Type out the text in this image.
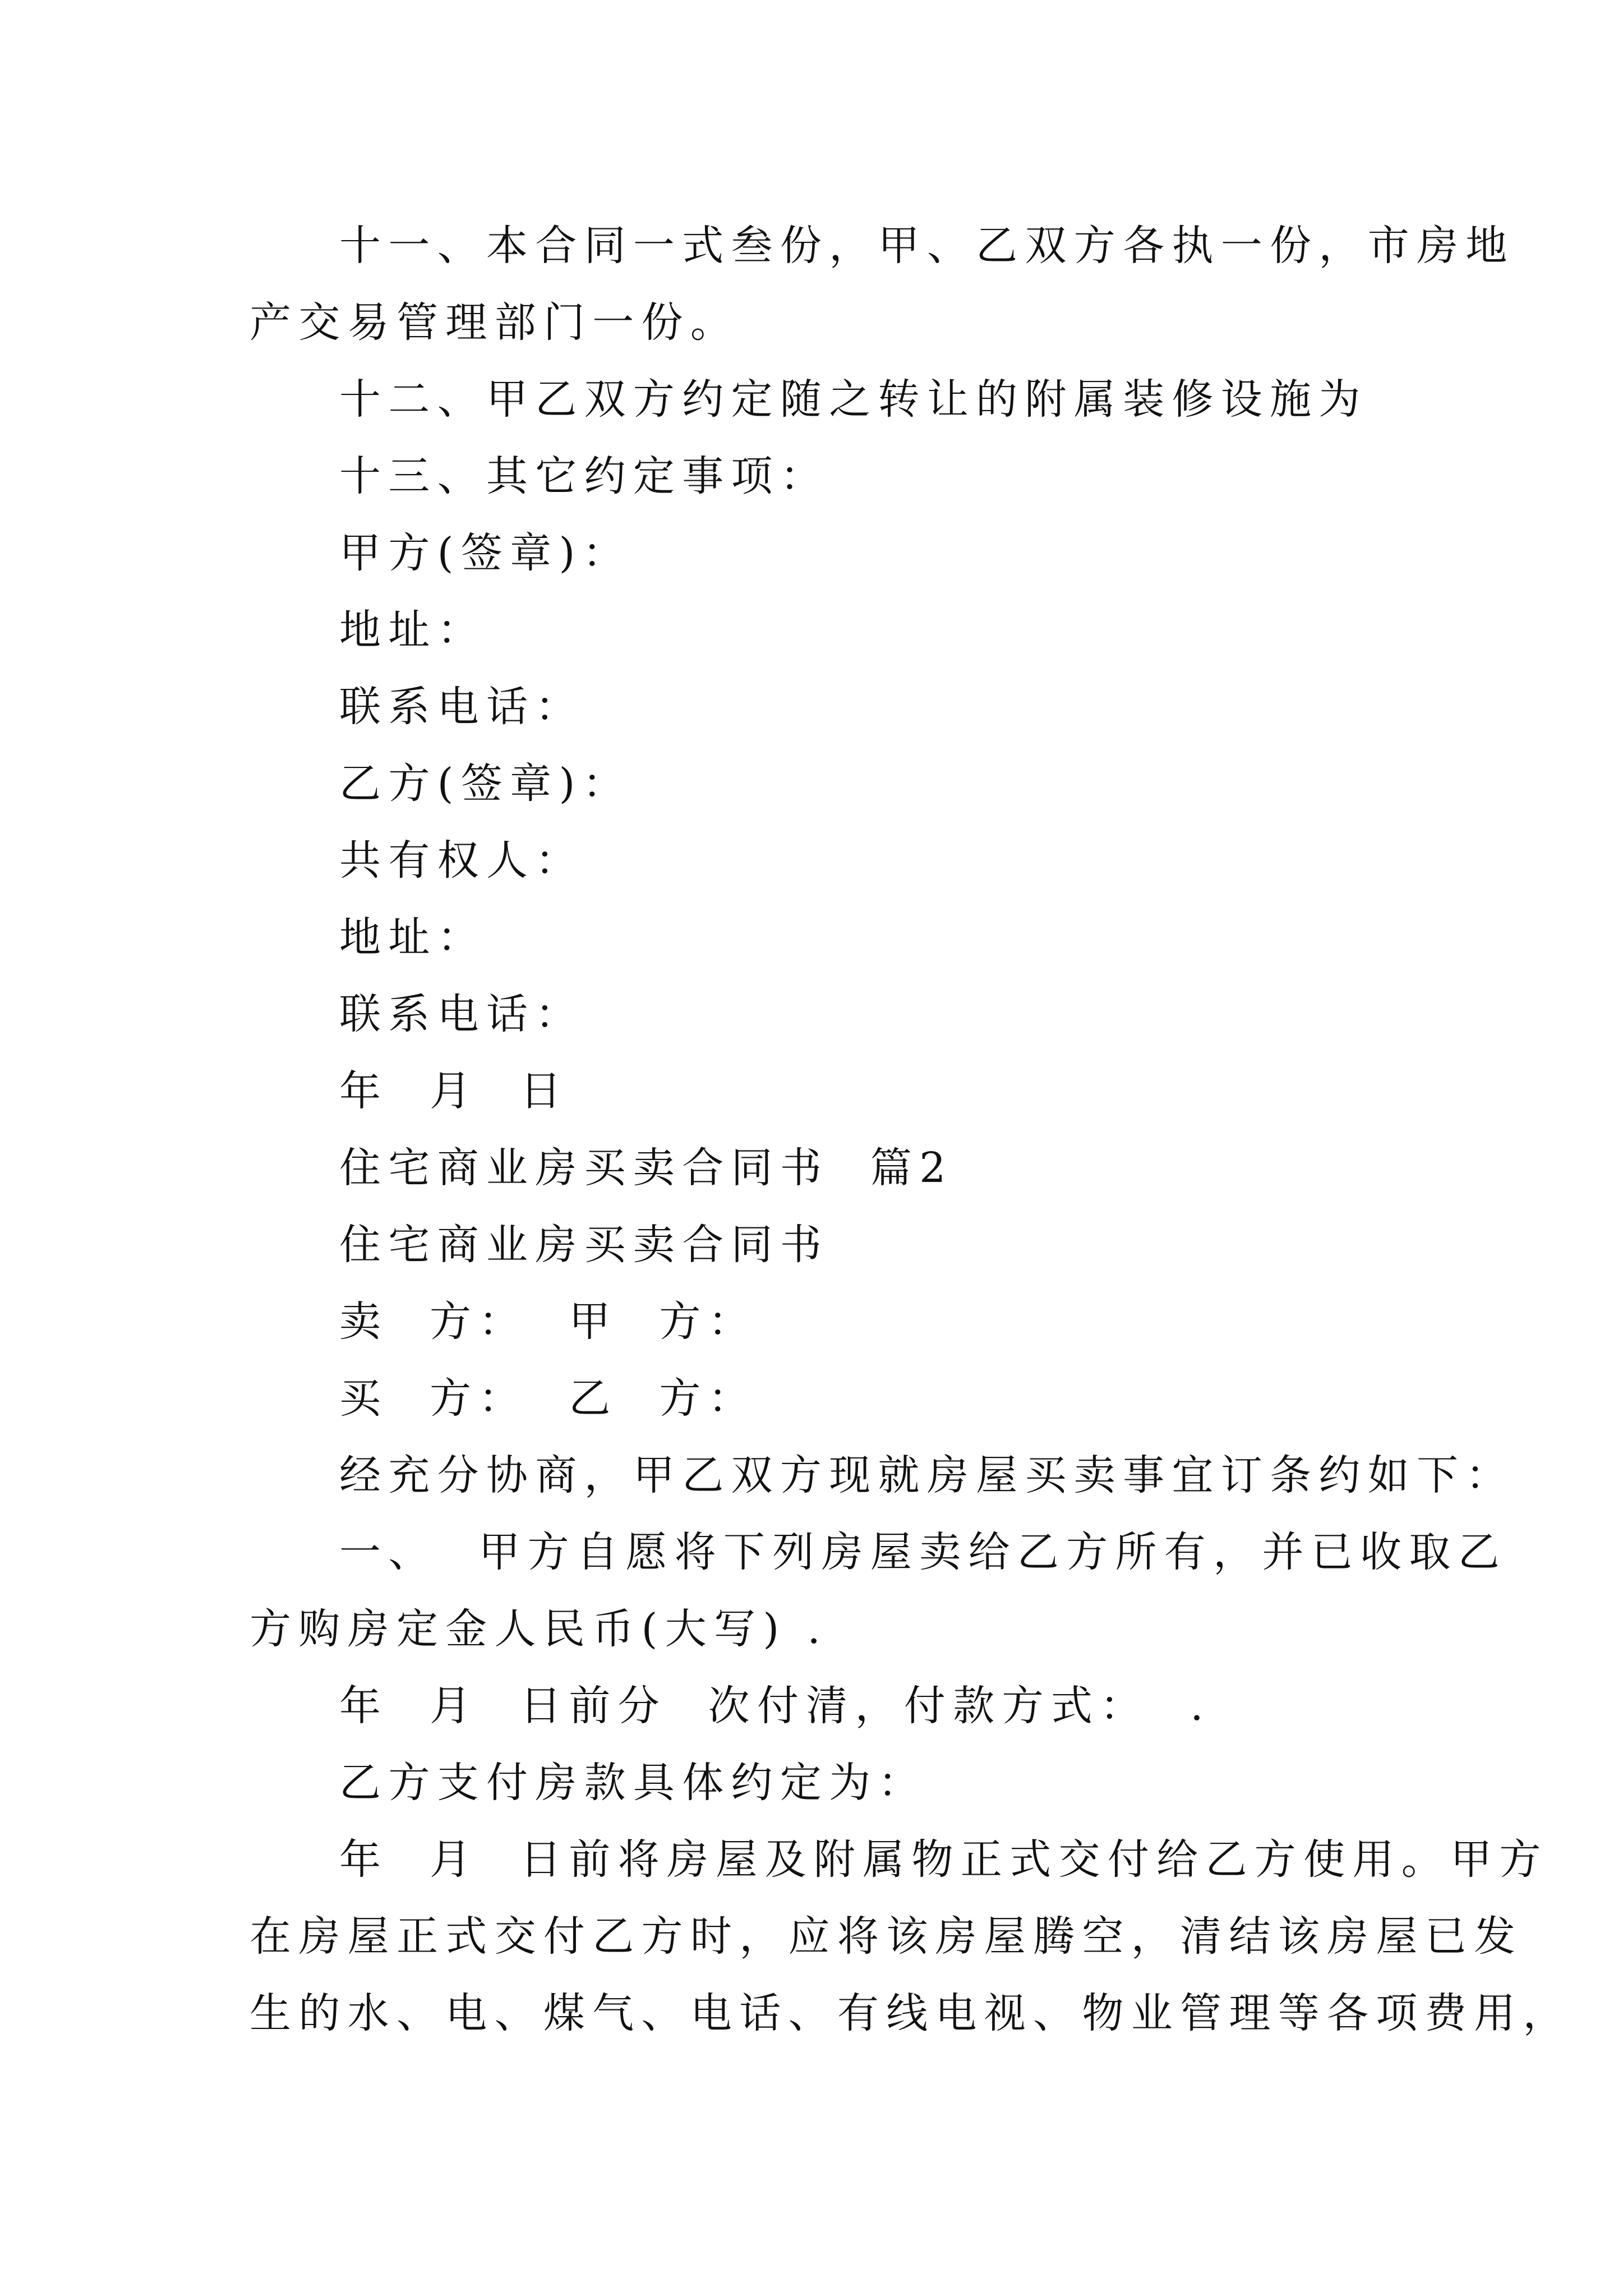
十一、本合同一式叁份，甲、乙双方各执一份，市房地
产交易管理部门一份。
十二、甲乙双方约定随之转让的附属装修设施为
十三、其它约定事项：
甲方(签章)：
地址：
联系电话：
乙方(签章)：
共有权人：
地址：
联系电话：
年  月  日
住宅商业房买卖合同书  篇2
住宅商业房买卖合同书
卖  方：  甲  方：
买  方：  乙  方：
经充分协商，甲乙双方现就房屋买卖事宜订条约如下：
一、  甲方自愿将下列房屋卖给乙方所有，并已收取乙
方购房定金人民币(大写) .
年  月  日前分  次付清，付款方式：  .
乙方支付房款具体约定为：
年  月  日前将房屋及附属物正式交付给乙方使用。甲方
在房屋正式交付乙方时，应将该房屋腾空，清结该房屋已发
生的水、电、煤气、电话、有线电视、物业管理等各项费用，
